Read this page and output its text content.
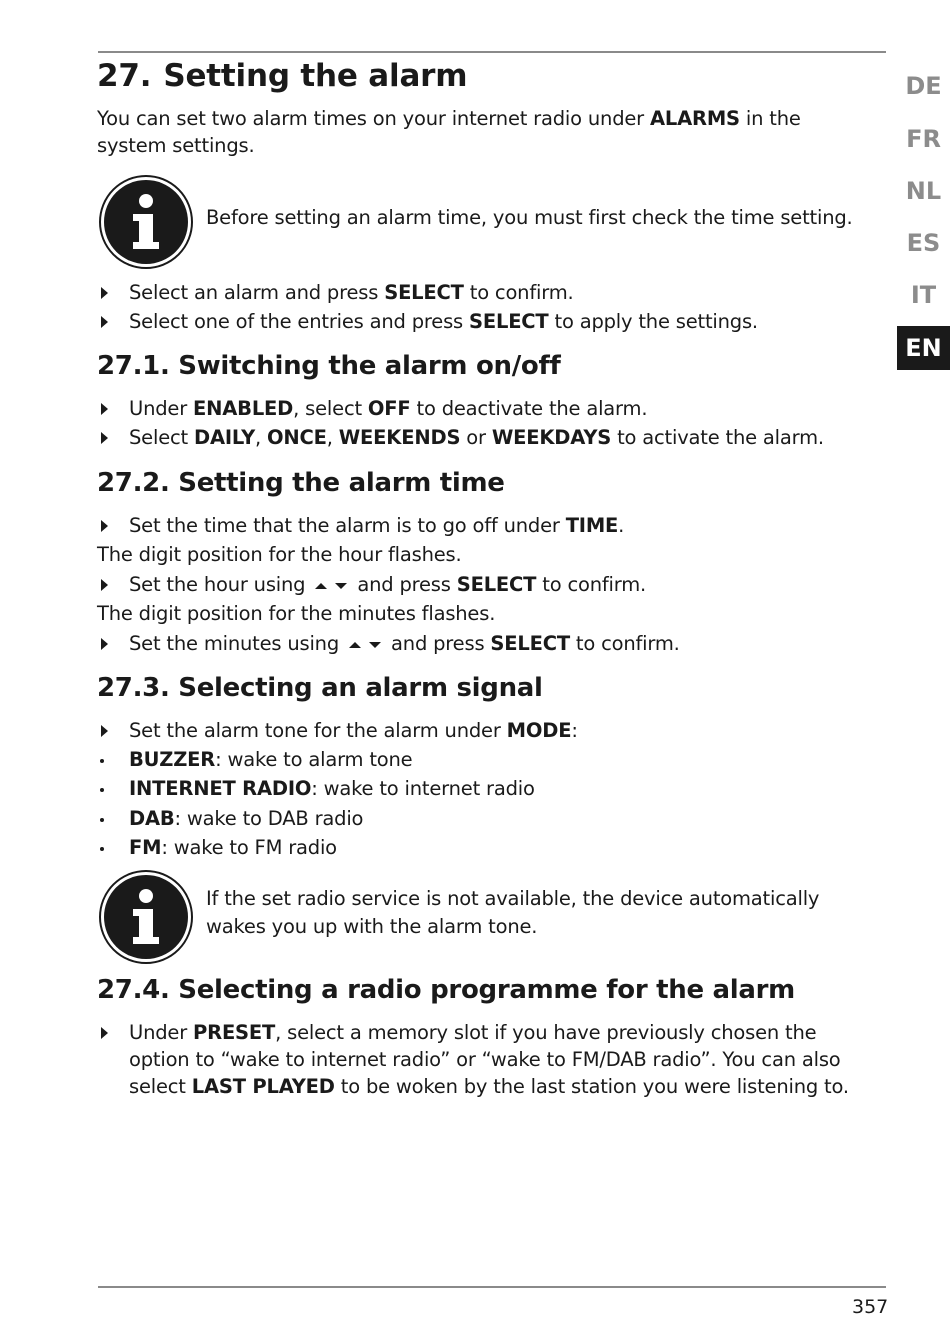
27. Setting the alarm

You can set two alarm times on your internet radio under ALARMS in the system settings.

Before setting an alarm time, you must first check the time setting.

Select an alarm and press SELECT to confirm.
Select one of the entries and press SELECT to apply the settings.
27.1. Switching the alarm on/off
Under ENABLED, select OFF to deactivate the alarm.
Select DAILY, ONCE, WEEKENDS or WEEKDAYS to activate the alarm.
27.2. Setting the alarm time
Set the time that the alarm is to go off under TIME.

The digit position for the hour flashes.

Set the hour using  and press SELECT to confirm.

The digit position for the minutes flashes.

Set the minutes using  and press SELECT to confirm.
27.3. Selecting an alarm signal
Set the alarm tone for the alarm under MODE:
BUZZER: wake to alarm tone
INTERNET RADIO: wake to internet radio
DAB: wake to DAB radio
FM: wake to FM radio

If the set radio service is not available, the device automatically wakes you up with the alarm tone.

27.4. Selecting a radio programme for the alarm
Under PRESET, select a memory slot if you have previously chosen the option to “wake to internet radio” or “wake to FM/DAB radio”. You can also select LAST PLAYED to be woken by the last station you were listening to.
DE
FR
NL
ES
IT
EN
357
